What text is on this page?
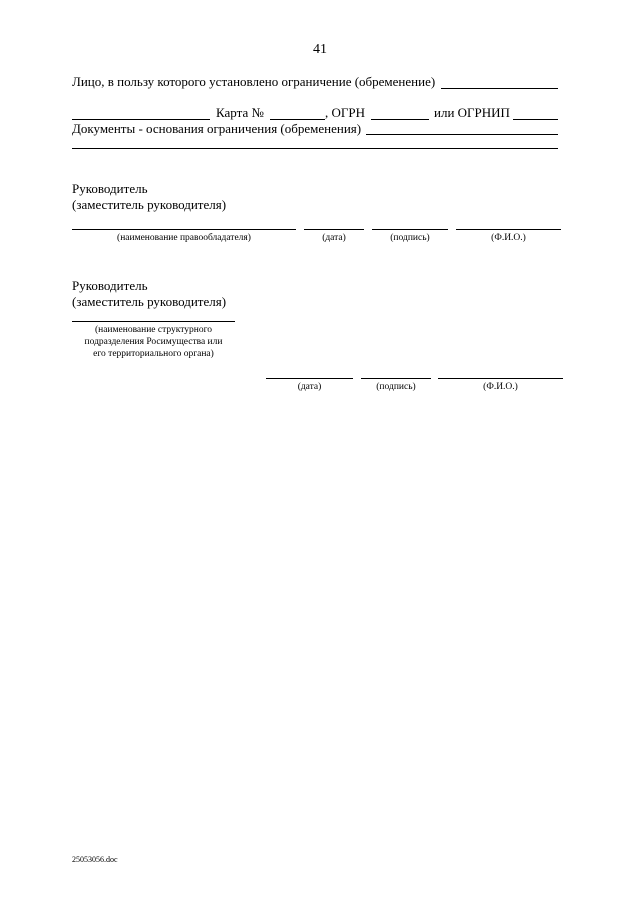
41
Лицо, в пользу которого установлено ограничение (обременение)
Карта №	, ОГРН	или ОГРНИП
Документы - основания ограничения (обременения)
Руководитель
(заместитель руководителя)
(наименование правообладателя)	(дата)	(подпись)	(Ф.И.О.)
Руководитель
(заместитель руководителя)
(наименование структурного
подразделения Росимущества или
его территориального органа)
(дата)	(подпись)	(Ф.И.О.)
25053056.doc
